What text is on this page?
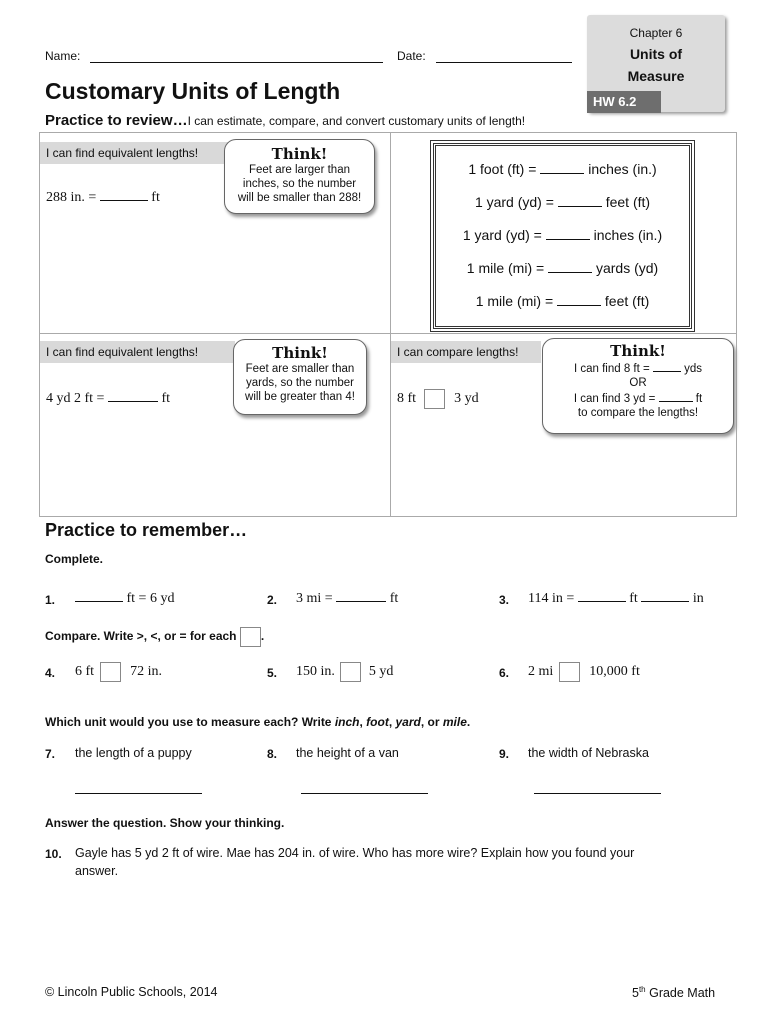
Name:	Date:
Customary Units of Length
Chapter 6
Units of
Measure
HW 6.2
Practice to review…I can estimate, compare, and convert customary units of length!
I can find equivalent lengths!
288 in. =	ft
Think!
Feet are larger than
inches, so the number
will be smaller than 288!
1 foot (ft) =	inches (in.)
1 yard (yd) =	feet (ft)
1 yard (yd) =	inches (in.)
1 mile (mi) =	yards (yd)
1 mile (mi) =	feet (ft)
I can find equivalent lengths!
4 yd 2 ft =	ft
Think!
Feet are smaller than
yards, so the number
will be greater than 4!
I can compare lengths!
8 ft	3 yd
Think!
I can find 8 ft =	yds
OR
I can find 3 yd =	ft
to compare the lengths!
Practice to remember…
Complete.
1.	ft = 6 yd	2. 3 mi =	ft	3. 114 in =	ft	in
Compare. Write >, <, or = for each .
4. 6 ft	72 in.	5. 150 in. 5 yd	6. 2 mi	10,000 ft
Which unit would you use to measure each? Write inch, foot, yard, or mile.
7. the length of a puppy	8. the height of a van	9. the width of Nebraska
Answer the question. Show your thinking.
10. Gayle has 5 yd 2 ft of wire. Mae has 204 in. of wire. Who has more wire? Explain how you found your
answer.
© Lincoln Public Schools, 2014	5th Grade Math
